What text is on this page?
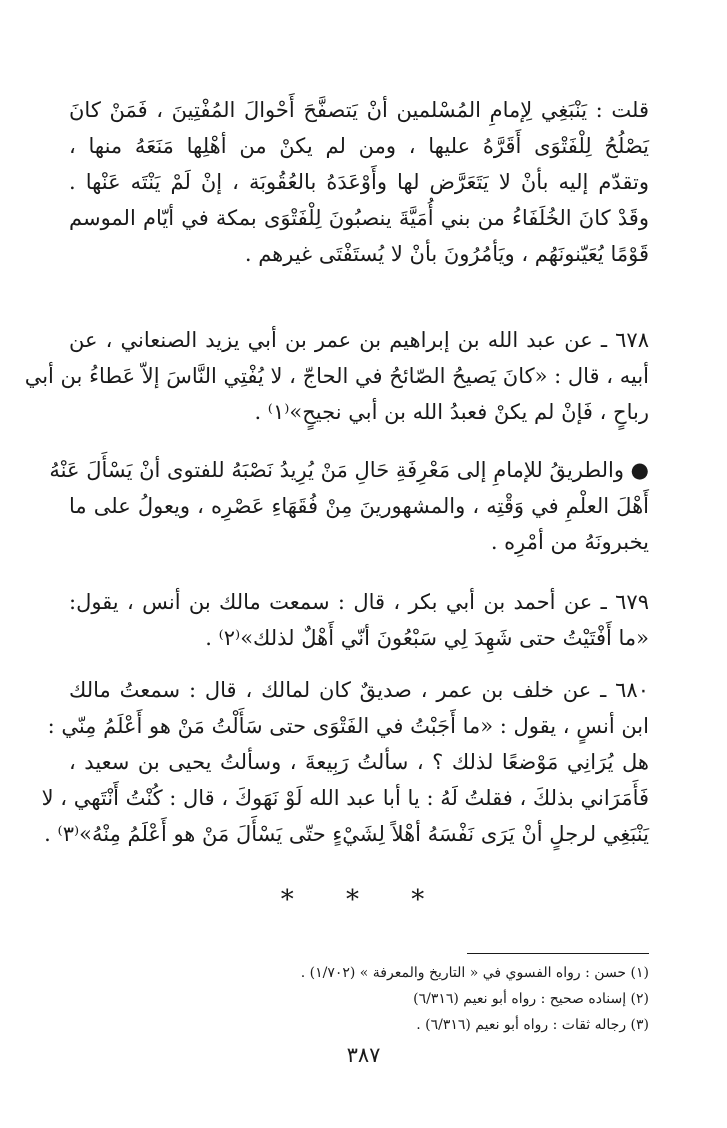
قلت : يَنْبَغِي لِإمامِ المُسْلمين أنْ يَتصفَّحَ أَحْوالَ المُفْتِينَ ، فَمَنْ كانَ
يَصْلُحُ لِلْفَتْوَى أَقَرَّهُ عليها ، ومن لم يكنْ من أهْلِها مَنَعَهُ منها ،
وتقدّم إليه بأنْ لا يَتَعَرَّض لها وأَوْعَدَهُ بالعُقُوبَة ، إنْ لَمْ يَنْتَه عَنْها .
وقَدْ كانَ الخُلَفَاءُ من بني أُمَيَّةَ ينصبُونَ لِلْفَتْوَى بمكة في أيّام الموسم
قَوْمًا يُعَيّنونَهُم ، ويَأمُرُونَ بأنْ لا يُستَفْتَى غيرهم .
٦٧٨ ـ عن عبد الله بن إبراهيم بن عمر بن أبي يزيد الصنعاني ، عن
أبيه ، قال : «كانَ يَصيحُ الصّائحُ في الحاجّ ، لا يُفْتِي النَّاسَ إلاّ عَطاءُ بن أبي
رباحٍ ، فَإنْ لم يكنْ فعبدُ الله بن أبي نجيحٍ»⁽١⁾ .
● والطريقُ للإمامِ إلى مَعْرِفَةِ حَالِ مَنْ يُرِيدُ نَصْبَهُ للفتوى أنْ يَسْأَلَ عَنْهُ
أَهْلَ العلْمِ في وَقْتِه ، والمشهورينَ مِنْ فُقَهَاءِ عَصْرِه ، ويعولُ على ما
يخبرونَهُ من أمْرِه .
٦٧٩ ـ عن أحمد بن أبي بكر ، قال : سمعت مالك بن أنس ، يقول:
«ما أَفْتَيْتُ حتى شَهِدَ لِي سَبْعُونَ أنّي أَهْلٌ لذلك»⁽٢⁾ .
٦٨٠ ـ عن خلف بن عمر ، صديقٌ كان لمالك ، قال : سمعتُ مالك
ابن أنسٍ ، يقول : «ما أَجَبْتُ في الفَتْوَى حتى سَأَلْتُ مَنْ هو أَعْلَمُ مِنّي :
هل يُرَانِي مَوْضعًا لذلك ؟ ، سألتُ رَبِيعةَ ، وسألتُ يحيى بن سعيد ،
فَأَمَرَاني بذلكَ ، فقلتُ لَهُ : يا أبا عبد الله لَوْ نَهَوكَ ، قال : كُنْتُ أَنْتَهي ، لا
يَنْبَغِي لرجلٍ أنْ يَرَى نَفْسَهُ أهْلاً لِشَيْءٍ حتّى يَسْأَلَ مَنْ هو أَعْلَمُ مِنْهُ»⁽٣⁾ .
* * *
(١) حسن : رواه الفسوي في « التاريخ والمعرفة » (١/٧٠٢) .
(٢) إسناده صحيح : رواه أبو نعيم (٦/٣١٦)
(٣) رجاله ثقات : رواه أبو نعيم (٦/٣١٦) .
٣٨٧
